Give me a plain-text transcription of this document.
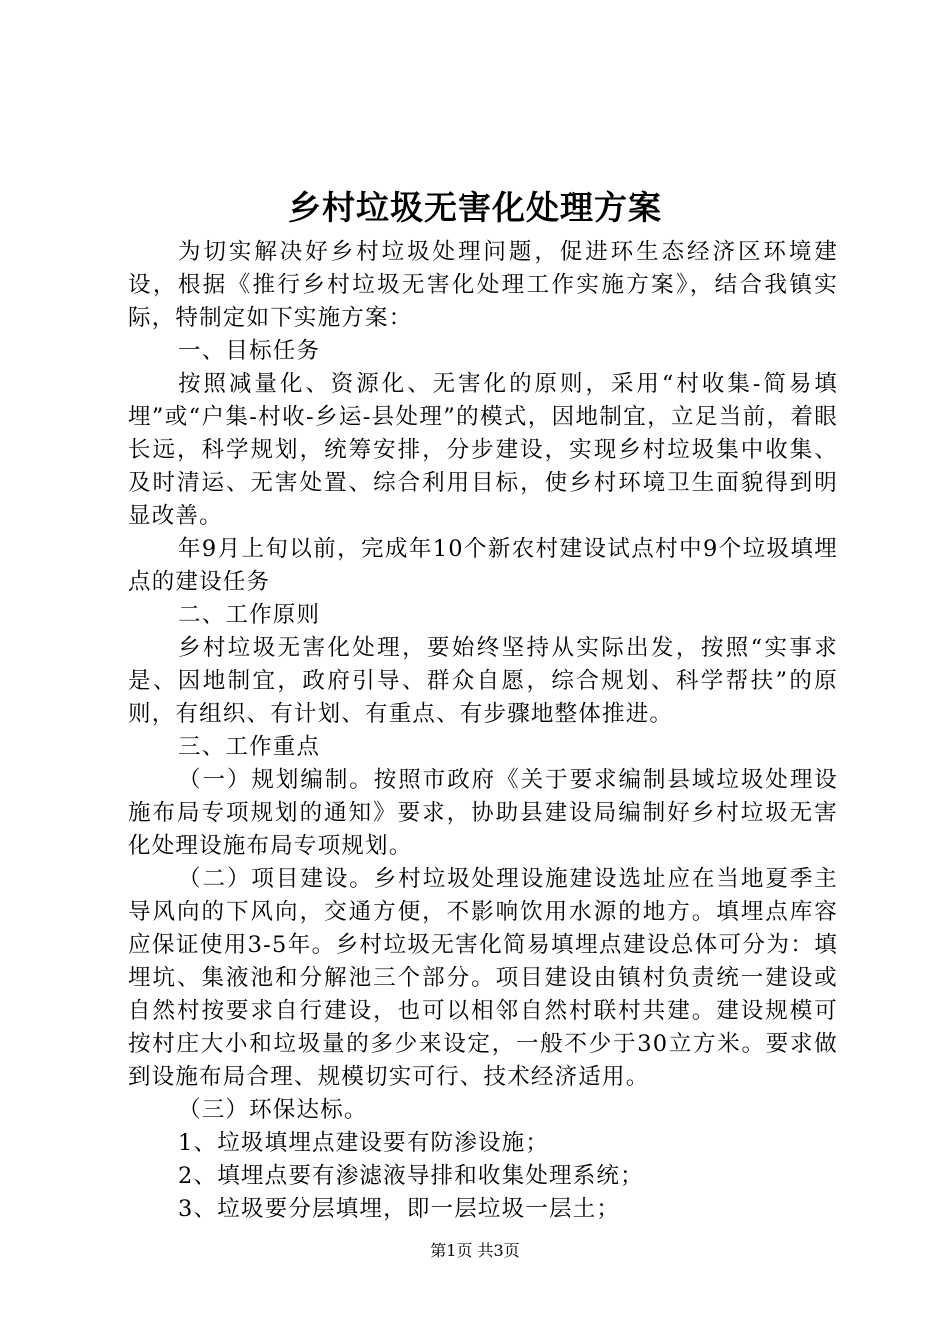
乡村垃圾无害化处理方案

为切实解决好乡村垃圾处理问题，促进环生态经济区环境建设，根据《推行乡村垃圾无害化处理工作实施方案》，结合我镇实际，特制定如下实施方案：

一、目标任务

按照减量化、资源化、无害化的原则，采用“村收集-简易填埋”或“户集-村收-乡运-县处理”的模式，因地制宜，立足当前，着眼长远，科学规划，统筹安排，分步建设，实现乡村垃圾集中收集、及时清运、无害处置、综合利用目标，使乡村环境卫生面貌得到明显改善。

年9月上旬以前，完成年10个新农村建设试点村中9个垃圾填埋点的建设任务

二、工作原则

乡村垃圾无害化处理，要始终坚持从实际出发，按照“实事求是、因地制宜，政府引导、群众自愿，综合规划、科学帮扶”的原则，有组织、有计划、有重点、有步骤地整体推进。

三、工作重点

（一）规划编制。按照市政府《关于要求编制县域垃圾处理设施布局专项规划的通知》要求，协助县建设局编制好乡村垃圾无害化处理设施布局专项规划。

（二）项目建设。乡村垃圾处理设施建设选址应在当地夏季主导风向的下风向，交通方便，不影响饮用水源的地方。填埋点库容应保证使用3-5年。乡村垃圾无害化简易填埋点建设总体可分为：填埋坑、集液池和分解池三个部分。项目建设由镇村负责统一建设或自然村按要求自行建设，也可以相邻自然村联村共建。建设规模可按村庄大小和垃圾量的多少来设定，一般不少于30立方米。要求做到设施布局合理、规模切实可行、技术经济适用。

（三）环保达标。

1、垃圾填埋点建设要有防渗设施；

2、填埋点要有渗滤液导排和收集处理系统；

3、垃圾要分层填埋，即一层垃圾一层土；

第1页 共3页
